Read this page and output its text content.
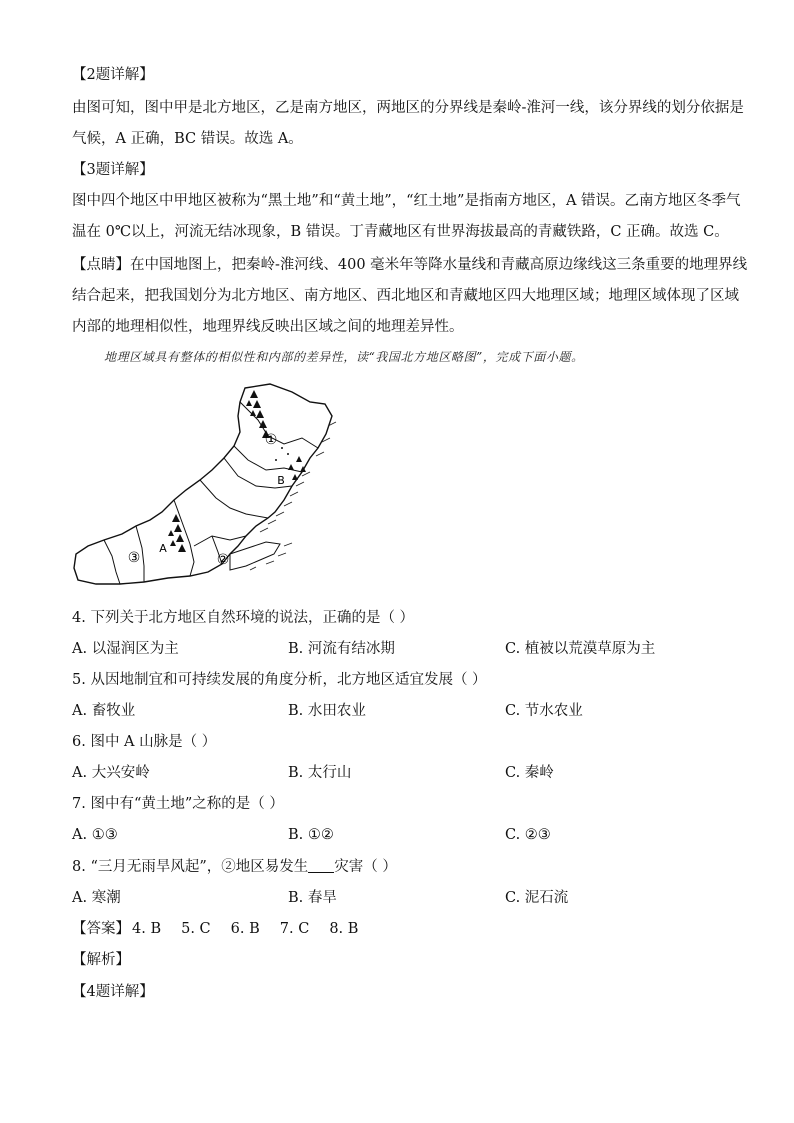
【2题详解】
由图可知，图中甲是北方地区，乙是南方地区，两地区的分界线是秦岭-淮河一线，该分界线的划分依据是
气候，A 正确，BC 错误。故选 A。
【3题详解】
图中四个地区中甲地区被称为“黑土地”和“黄土地”，“红土地”是指南方地区，A 错误。乙南方地区冬季气
温在 0℃以上，河流无结冰现象，B 错误。丁青藏地区有世界海拔最高的青藏铁路，C 正确。故选 C。
【点睛】在中国地图上，把秦岭-淮河线、400 毫米年等降水量线和青藏高原边缘线这三条重要的地理界线
结合起来，把我国划分为北方地区、南方地区、西北地区和青藏地区四大地理区域；地理区域体现了区域
内部的地理相似性，地理界线反映出区域之间的地理差异性。
地理区域具有整体的相似性和内部的差异性，读“我国北方地区略图”，完成下面小题。
①
B
A
②
③
4. 下列关于北方地区自然环境的说法，正确的是（ ）
A. 以湿润区为主	B. 河流有结冰期	C. 植被以荒漠草原为主
5. 从因地制宜和可持续发展的角度分析，北方地区适宜发展（ ）
A. 畜牧业	B. 水田农业	C. 节水农业
6. 图中 A 山脉是（ ）
A. 大兴安岭	B. 太行山	C. 秦岭
7. 图中有“黄土地”之称的是（ ）
A. ①③	B. ①②	C. ②③
8. “三月无雨旱风起”，②地区易发生 灾害（ ）
A. 寒潮	B. 春旱	C. 泥石流
【答案】 4. B 5. C 6. B 7. C 8. B
【解析】
【4题详解】
